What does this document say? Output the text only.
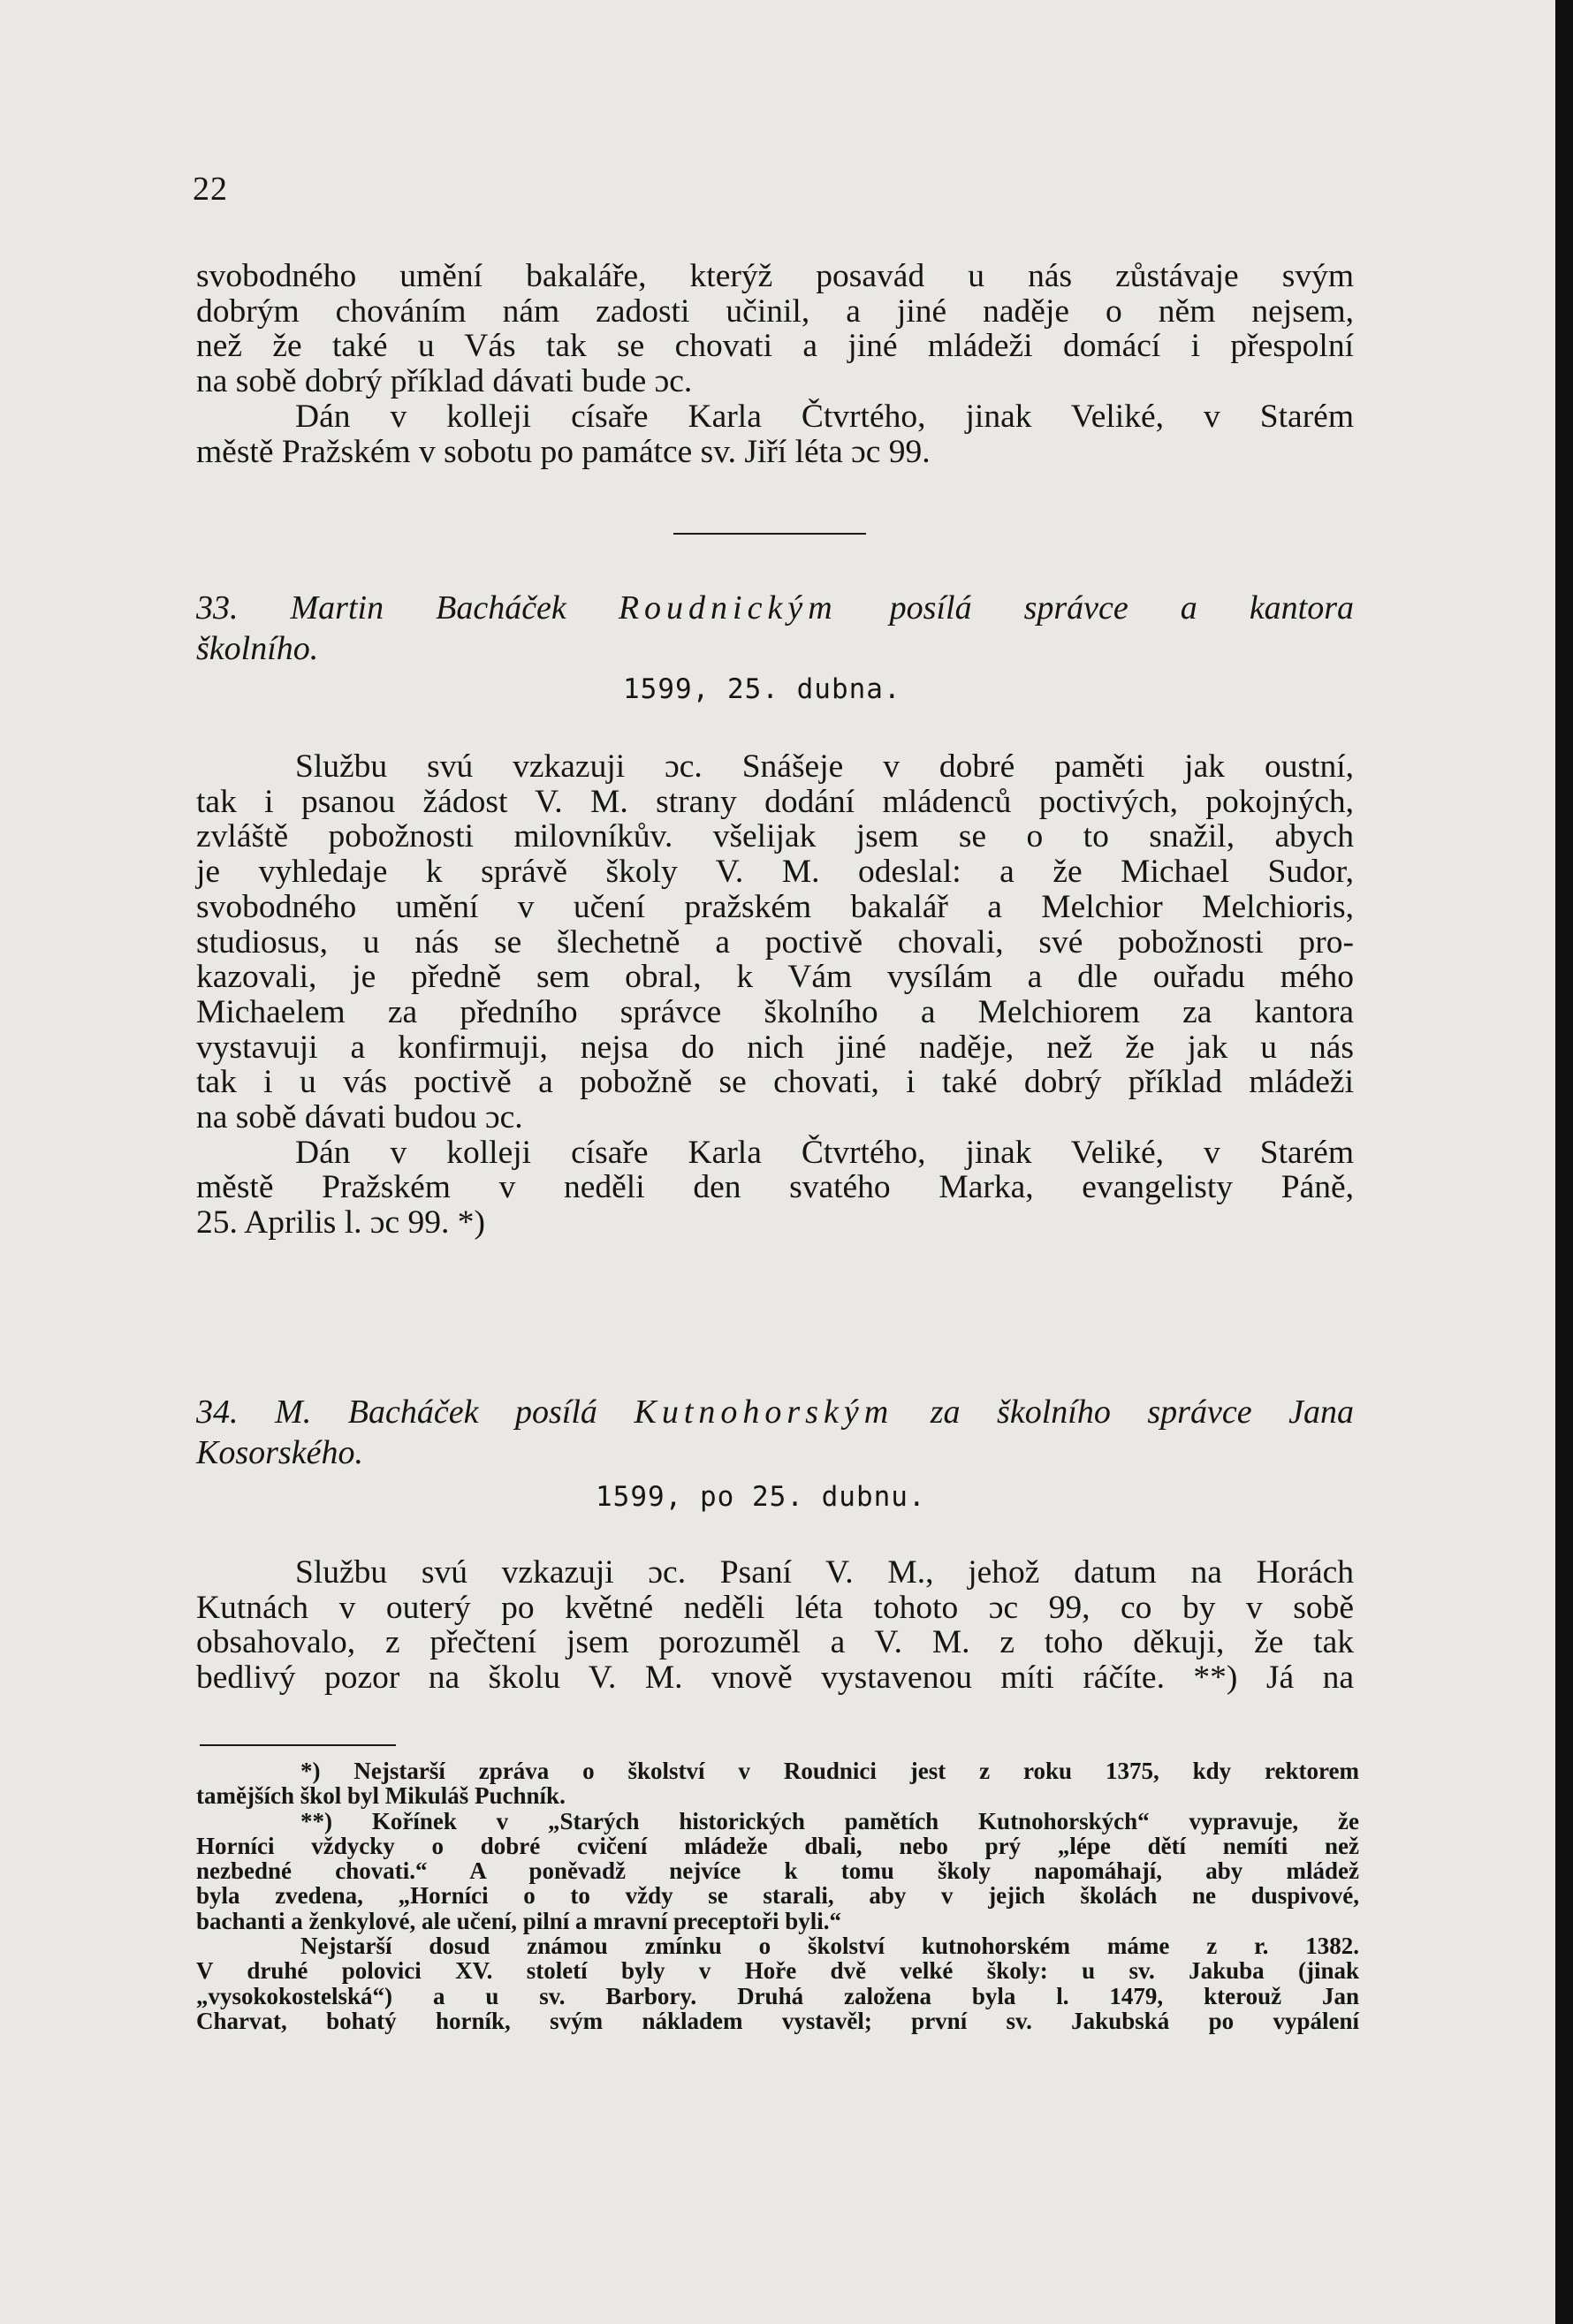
22

svobodného umění bakaláře, kterýž posavád u nás zůstávaje svým
dobrým chováním nám zadosti učinil, a jiné naděje o něm nejsem,
než že také u Vás tak se chovati a jiné mládeži domácí i přespolní
na sobě dobrý příklad dávati bude ɔc.

Dán v kolleji císaře Karla Čtvrtého, jinak Veliké, v Starém
městě Pražském v sobotu po památce sv. Jiří léta ɔc 99.

33. Martin Bacháček Roudnickým posílá správce a kantora
školního.

1599, 25. dubna.

Službu svú vzkazuji ɔc. Snášeje v dobré paměti jak oustní,
tak i psanou žádost V. M. strany dodání mládenců poctivých, pokojných,
zvláště pobožnosti milovníkův. všelijak jsem se o to snažil, abych
je vyhledaje k správě školy V. M. odeslal: a že Michael Sudor,
svobodného umění v učení pražském bakalář a Melchior Melchioris,
studiosus, u nás se šlechetně a poctivě chovali, své pobožnosti pro-
kazovali, je předně sem obral, k Vám vysílám a dle ouřadu mého
Michaelem za předního správce školního a Melchiorem za kantora
vystavuji a konfirmuji, nejsa do nich jiné naděje, než že jak u nás
tak i u vás poctivě a pobožně se chovati, i také dobrý příklad mládeži
na sobě dávati budou ɔc.

Dán v kolleji císaře Karla Čtvrtého, jinak Veliké, v Starém
městě Pražském v neděli den svatého Marka, evangelisty Páně,
25. Aprilis l. ɔc 99. *)

34. M. Bacháček posílá Kutnohorským za školního správce Jana
Kosorského.

1599, po 25. dubnu.

Službu svú vzkazuji ɔc. Psaní V. M., jehož datum na Horách
Kutnách v outerý po květné neděli léta tohoto ɔc 99, co by v sobě
obsahovalo, z přečtení jsem porozuměl a V. M. z toho děkuji, že tak
bedlivý pozor na školu V. M. vnově vystavenou míti ráčíte. **) Já na

*) Nejstarší zpráva o školství v Roudnici jest z roku 1375, kdy rektorem
tamějších škol byl Mikuláš Puchník.

**) Kořínek v „Starých historických pamětích Kutnohorských“ vypravuje, že
Horníci vždycky o dobré cvičení mládeže dbali, nebo prý „lépe dětí nemíti než
nezbedné chovati.“ A poněvadž nejvíce k tomu školy napomáhají, aby mládež
byla zvedena, „Horníci o to vždy se starali, aby v jejich školách ne duspivové,
bachanti a ženkylové, ale učení, pilní a mravní preceptoři byli.“

Nejstarší dosud známou zmínku o školství kutnohorském máme z r. 1382.
V druhé polovici XV. století byly v Hoře dvě velké školy: u sv. Jakuba (jinak
„vysokokostelská“) a u sv. Barbory. Druhá založena byla l. 1479, kterouž Jan
Charvat, bohatý horník, svým nákladem vystavěl; první sv. Jakubská po vypálení
